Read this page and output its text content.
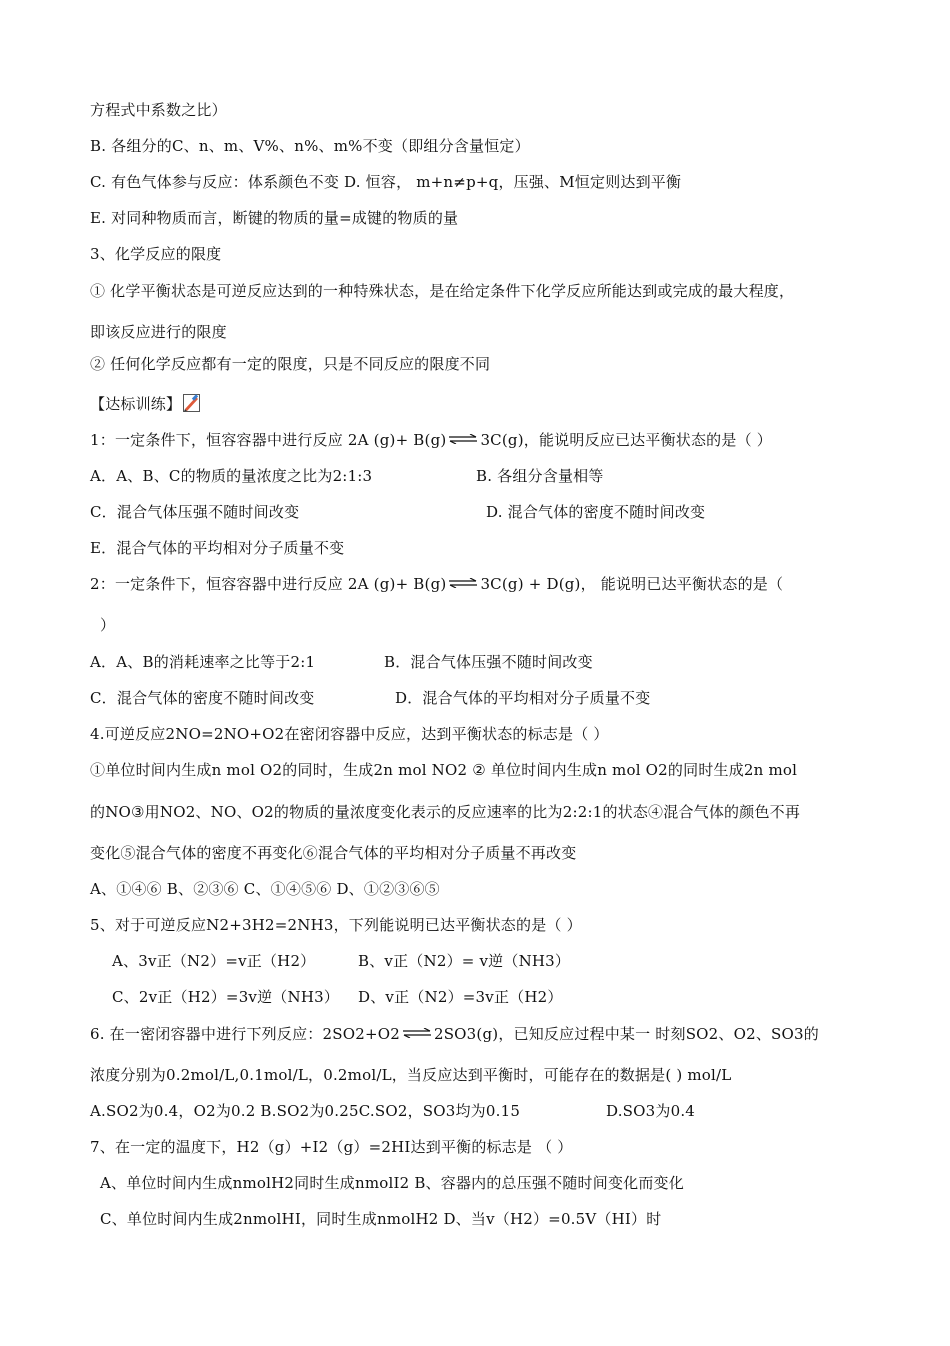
方程式中系数之比）
B. 各组分的C、n、m、V%、n%、m%不变（即组分含量恒定）
C. 有色气体参与反应：体系颜色不变 D. 恒容， m+n≠p+q，压强、M恒定则达到平衡
E. 对同种物质而言，断键的物质的量=成键的物质的量
3、化学反应的限度
① 化学平衡状态是可逆反应达到的一种特殊状态，是在给定条件下化学反应所能达到或完成的最大程度，
即该反应进行的限度
② 任何化学反应都有一定的限度，只是不同反应的限度不同
【达标训练】
1：一定条件下，恒容容器中进行反应 2A (g)+ B(g) ⇌ 3C(g)，能说明反应已达平衡状态的是（ ）
A．A、B、C的物质的量浓度之比为2:1:3	B. 各组分含量相等
C．混合气体压强不随时间改变	D. 混合气体的密度不随时间改变
E．混合气体的平均相对分子质量不变
2：一定条件下，恒容容器中进行反应 2A (g)+ B(g) ⇌ 3C(g) + D(g)， 能说明已达平衡状态的是（
）
A．A、B的消耗速率之比等于2:1	B．混合气体压强不随时间改变
C．混合气体的密度不随时间改变	D．混合气体的平均相对分子质量不变
4.可逆反应2NO=2NO+O2在密闭容器中反应，达到平衡状态的标志是（ ）
①单位时间内生成n mol O2的同时，生成2n mol NO2 ② 单位时间内生成n mol O2的同时生成2n mol
的NO③用NO2、NO、O2的物质的量浓度变化表示的反应速率的比为2:2:1的状态④混合气体的颜色不再
变化⑤混合气体的密度不再变化⑥混合气体的平均相对分子质量不再改变
A、①④⑥ B、②③⑥ C、①④⑤⑥ D、①②③⑥⑤
5、对于可逆反应N2+3H2=2NH3，下列能说明已达平衡状态的是（ ）
A、3v正（N2）=v正（H2）	B、v正（N2）= v逆（NH3）
C、2v正（H2）=3v逆（NH3） D、v正（N2）=3v正（H2）
6. 在一密闭容器中进行下列反应：2SO2+O2 ⇌ 2SO3(g)，已知反应过程中某一 时刻SO2、O2、SO3的
浓度分别为0.2mol/L,0.1mol/L，0.2mol/L，当反应达到平衡时，可能存在的数据是( ) mol/L
A.SO2为0.4，O2为0.2 B.SO2为0.25C.SO2，SO3均为0.15	D.SO3为0.4
7、在一定的温度下，H2（g）+I2（g）=2HI达到平衡的标志是 （ ）
A、单位时间内生成nmolH2同时生成nmolI2 B、容器内的总压强不随时间变化而变化
C、单位时间内生成2nmolHI，同时生成nmolH2 D、当v（H2）=0.5V（HI）时
